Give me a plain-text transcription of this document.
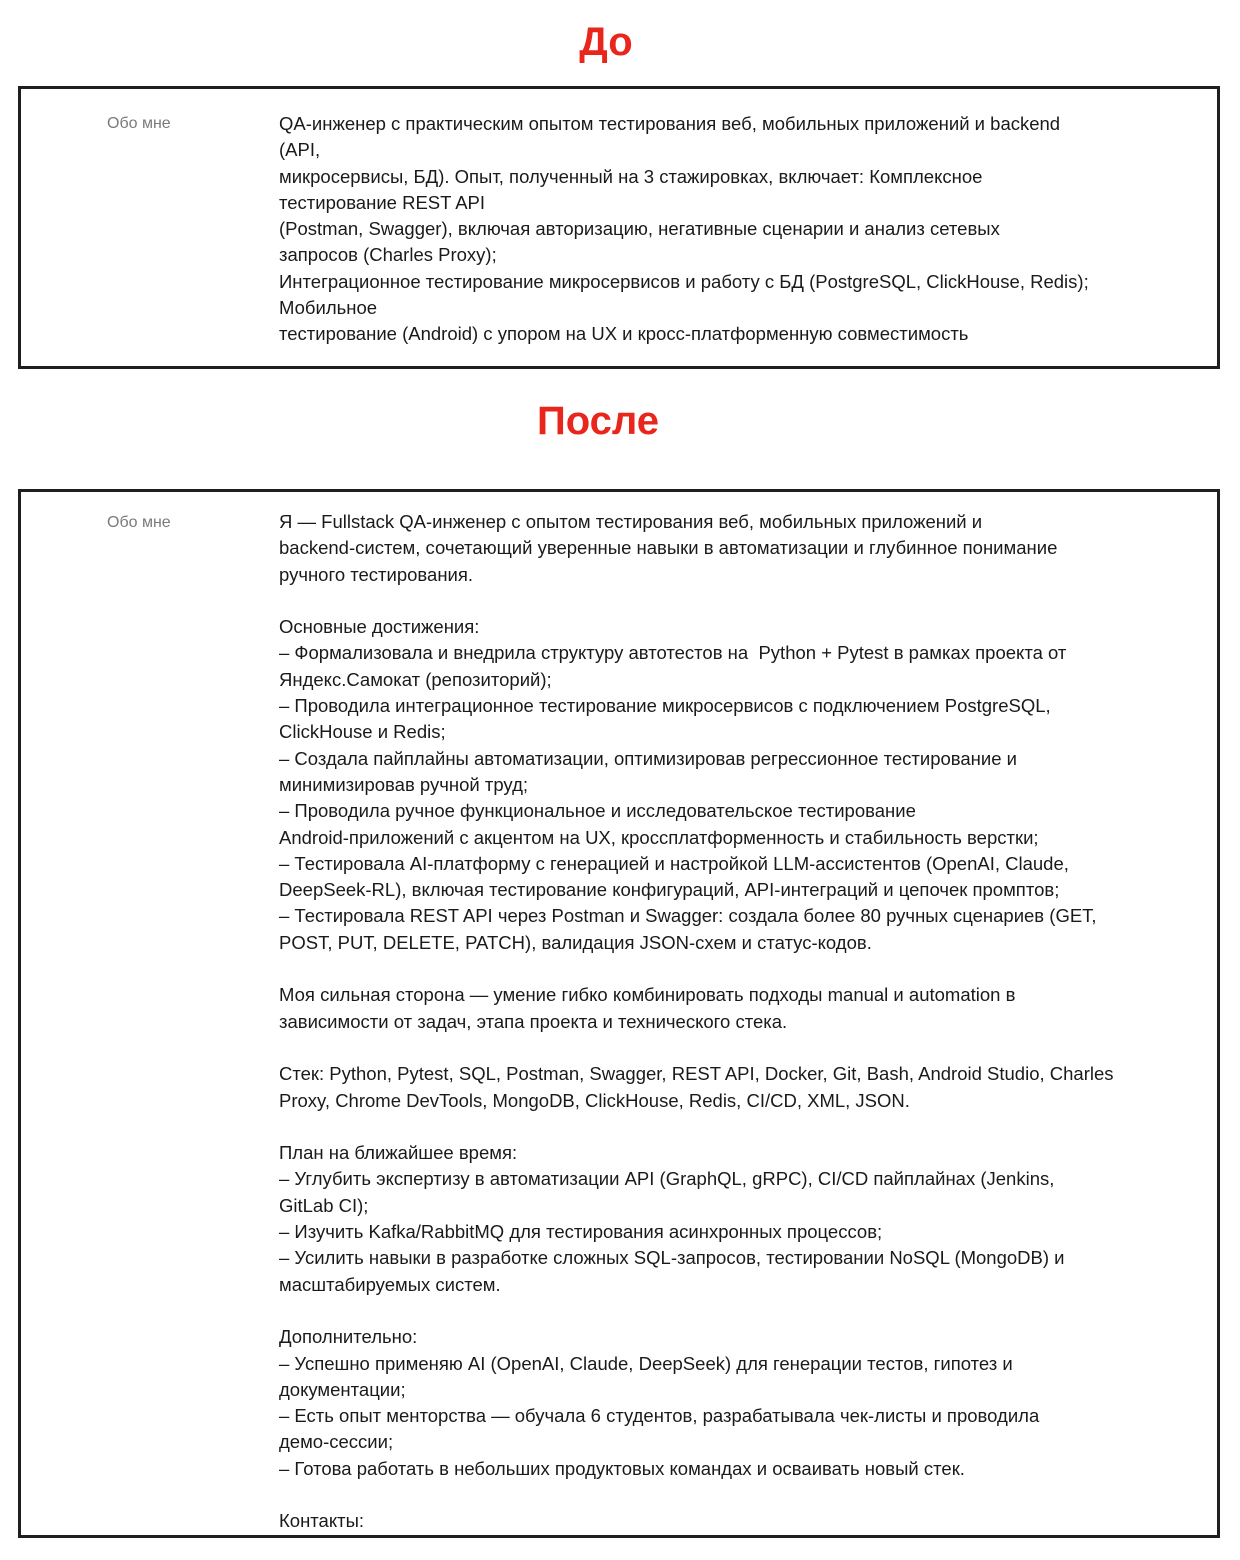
До
Обо мне	QA-инженер с практическим опытом тестирования веб, мобильных приложений и backend
(API,
микросервисы, БД). Опыт, полученный на 3 стажировках, включает: Комплексное
тестирование REST API
(Postman, Swagger), включая авторизацию, негативные сценарии и анализ сетевых
запросов (Charles Proxy);
Интеграционное тестирование микросервисов и работу с БД (PostgreSQL, ClickHouse, Redis);
Мобильное
тестирование (Android) с упором на UX и кросс-платформенную совместимость
После
Обо мне	Я — Fullstack QA-инженер с опытом тестирования веб, мобильных приложений и
backend-систем, сочетающий уверенные навыки в автоматизации и глубинное понимание
ручного тестирования.
Основные достижения:
– Формализовала и внедрила структуру автотестов на  Python + Pytest в рамках проекта от
Яндекс.Самокат (репозиторий);
– Проводила интеграционное тестирование микросервисов с подключением PostgreSQL,
ClickHouse и Redis;
– Создала пайплайны автоматизации, оптимизировав регрессионное тестирование и
минимизировав ручной труд;
– Проводила ручное функциональное и исследовательское тестирование
Android-приложений с акцентом на UX, кроссплатформенность и стабильность верстки;
– Тестировала AI-платформу с генерацией и настройкой LLM-ассистентов (OpenAI, Claude,
DeepSeek-RL), включая тестирование конфигураций, API-интеграций и цепочек промптов;
– Тестировала REST API через Postman и Swagger: создала более 80 ручных сценариев (GET,
POST, PUT, DELETE, PATCH), валидация JSON-схем и статус-кодов.
Моя сильная сторона — умение гибко комбинировать подходы manual и automation в
зависимости от задач, этапа проекта и технического стека.
Стек: Python, Pytest, SQL, Postman, Swagger, REST API, Docker, Git, Bash, Android Studio, Charles
Proxy, Chrome DevTools, MongoDB, ClickHouse, Redis, CI/CD, XML, JSON.
План на ближайшее время:
– Углубить экспертизу в автоматизации API (GraphQL, gRPC), CI/CD пайплайнах (Jenkins,
GitLab CI);
– Изучить Kafka/RabbitMQ для тестирования асинхронных процессов;
– Усилить навыки в разработке сложных SQL-запросов, тестировании NoSQL (MongoDB) и
масштабируемых систем.
Дополнительно:
– Успешно применяю AI (OpenAI, Claude, DeepSeek) для генерации тестов, гипотез и
документации;
– Есть опыт менторства — обучала 6 студентов, разрабатывала чек-листы и проводила
демо-сессии;
– Готова работать в небольших продуктовых командах и осваивать новый стек.
Контакты:
